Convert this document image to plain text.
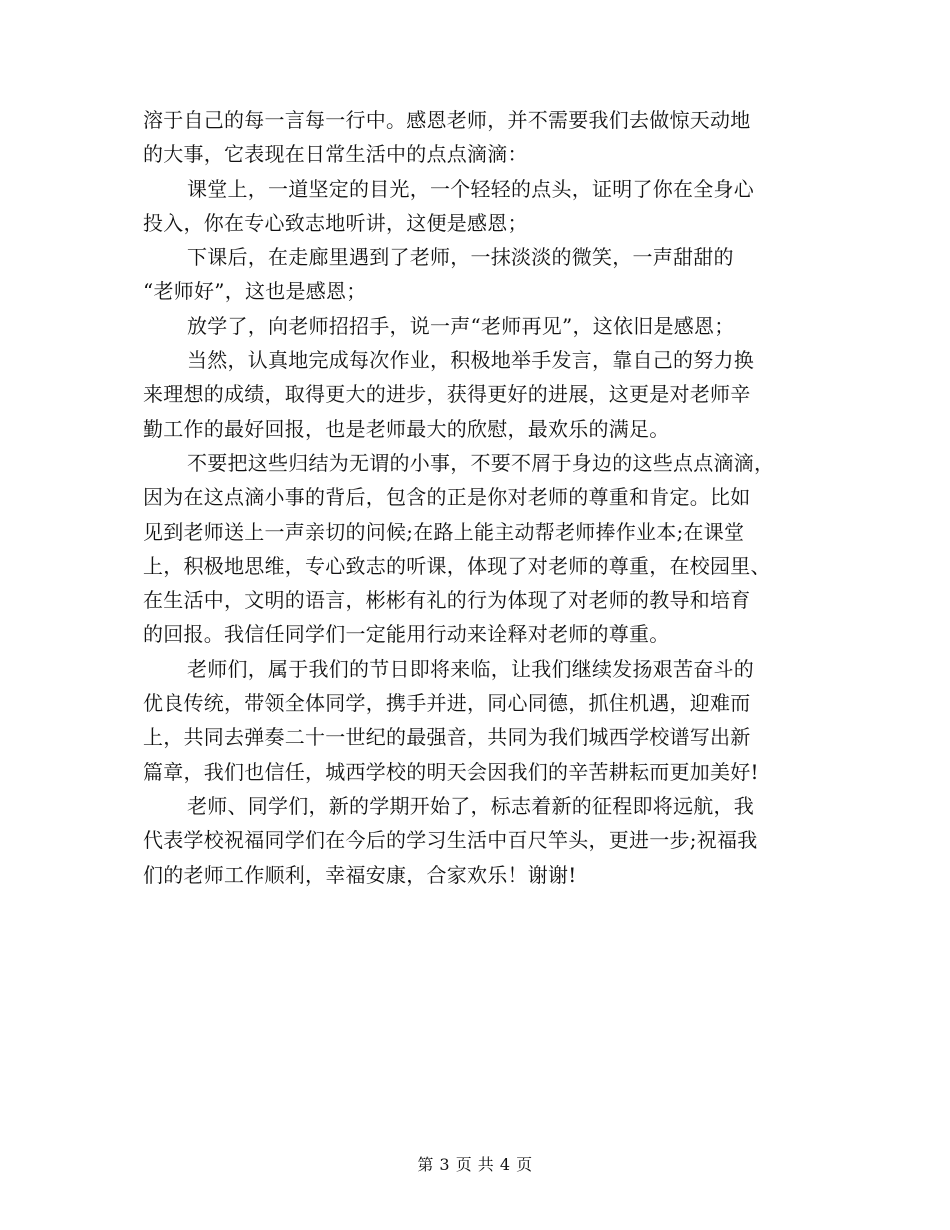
溶于自己的每一言每一行中。感恩老师，并不需要我们去做惊天动地
的大事，它表现在日常生活中的点点滴滴：
课堂上，一道坚定的目光，一个轻轻的点头，证明了你在全身心
投入，你在专心致志地听讲，这便是感恩；
下课后，在走廊里遇到了老师，一抹淡淡的微笑，一声甜甜的
“老师好”，这也是感恩；
放学了，向老师招招手，说一声“老师再见”，这依旧是感恩；
当然，认真地完成每次作业，积极地举手发言，靠自己的努力换
来理想的成绩，取得更大的进步，获得更好的进展，这更是对老师辛
勤工作的最好回报，也是老师最大的欣慰，最欢乐的满足。
不要把这些归结为无谓的小事，不要不屑于身边的这些点点滴滴，
因为在这点滴小事的背后，包含的正是你对老师的尊重和肯定。比如
见到老师送上一声亲切的问候;在路上能主动帮老师捧作业本;在课堂
上，积极地思维，专心致志的听课，体现了对老师的尊重，在校园里、
在生活中，文明的语言，彬彬有礼的行为体现了对老师的教导和培育
的回报。我信任同学们一定能用行动来诠释对老师的尊重。
老师们，属于我们的节日即将来临，让我们继续发扬艰苦奋斗的
优良传统，带领全体同学，携手并进，同心同德，抓住机遇，迎难而
上，共同去弹奏二十一世纪的最强音，共同为我们城西学校谱写出新
篇章，我们也信任，城西学校的明天会因我们的辛苦耕耘而更加美好!
老师、同学们，新的学期开始了，标志着新的征程即将远航，我
代表学校祝福同学们在今后的学习生活中百尺竿头，更进一步;祝福我
们的老师工作顺利，幸福安康，合家欢乐！谢谢!
第 3 页 共 4 页
